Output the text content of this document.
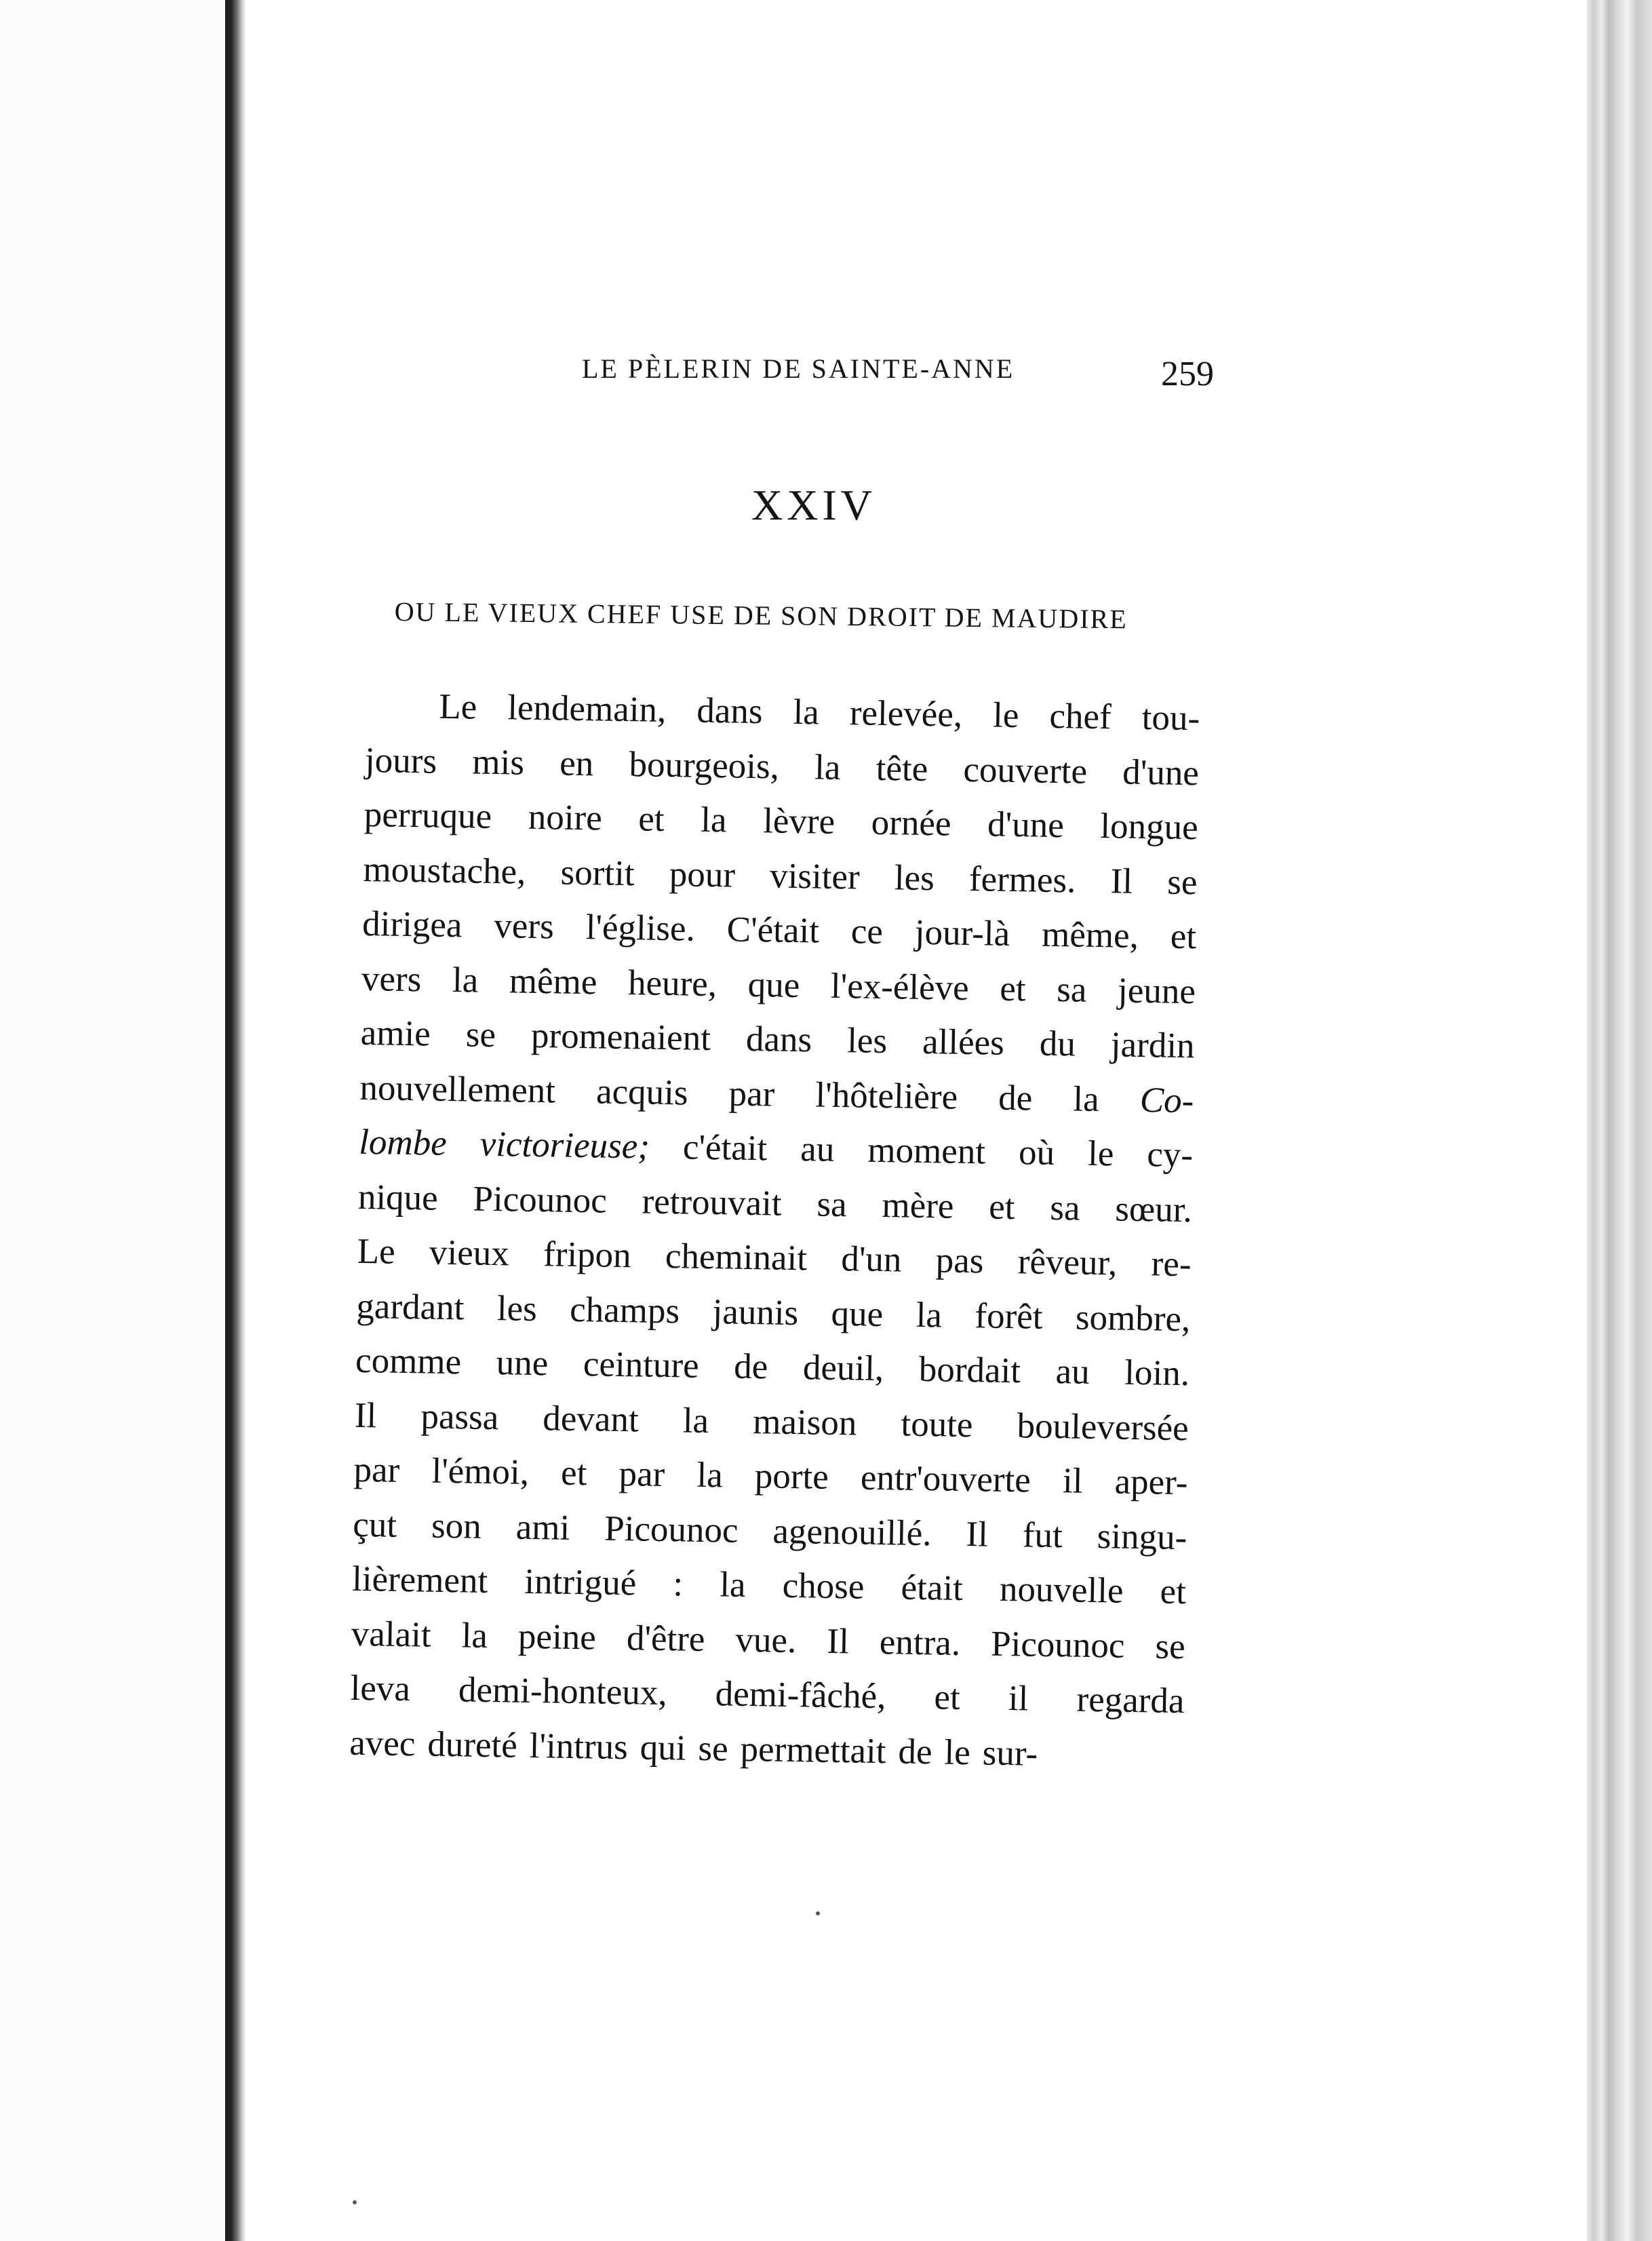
LE PÈLERIN DE SAINTE-ANNE	259
XXIV
OU LE VIEUX CHEF USE DE SON DROIT DE MAUDIRE
Le lendemain, dans la relevée, le chef tou-
jours mis en bourgeois, la tête couverte d'une
perruque noire et la lèvre ornée d'une longue
moustache, sortit pour visiter les fermes. Il se
dirigea vers l'église. C'était ce jour-là même, et
vers la même heure, que l'ex-élève et sa jeune
amie se promenaient dans les allées du jardin
nouvellement acquis par l'hôtelière de la Co-
lombe victorieuse; c'était au moment où le cy-
nique Picounoc retrouvait sa mère et sa sœur.
Le vieux fripon cheminait d'un pas rêveur, re-
gardant les champs jaunis que la forêt sombre,
comme une ceinture de deuil, bordait au loin.
Il passa devant la maison toute bouleversée
par l'émoi, et par la porte entr'ouverte il aper-
çut son ami Picounoc agenouillé. Il fut singu-
lièrement intrigué : la chose était nouvelle et
valait la peine d'être vue. Il entra. Picounoc se
leva demi-honteux, demi-fâché, et il regarda
avec dureté l'intrus qui se permettait de le sur-
